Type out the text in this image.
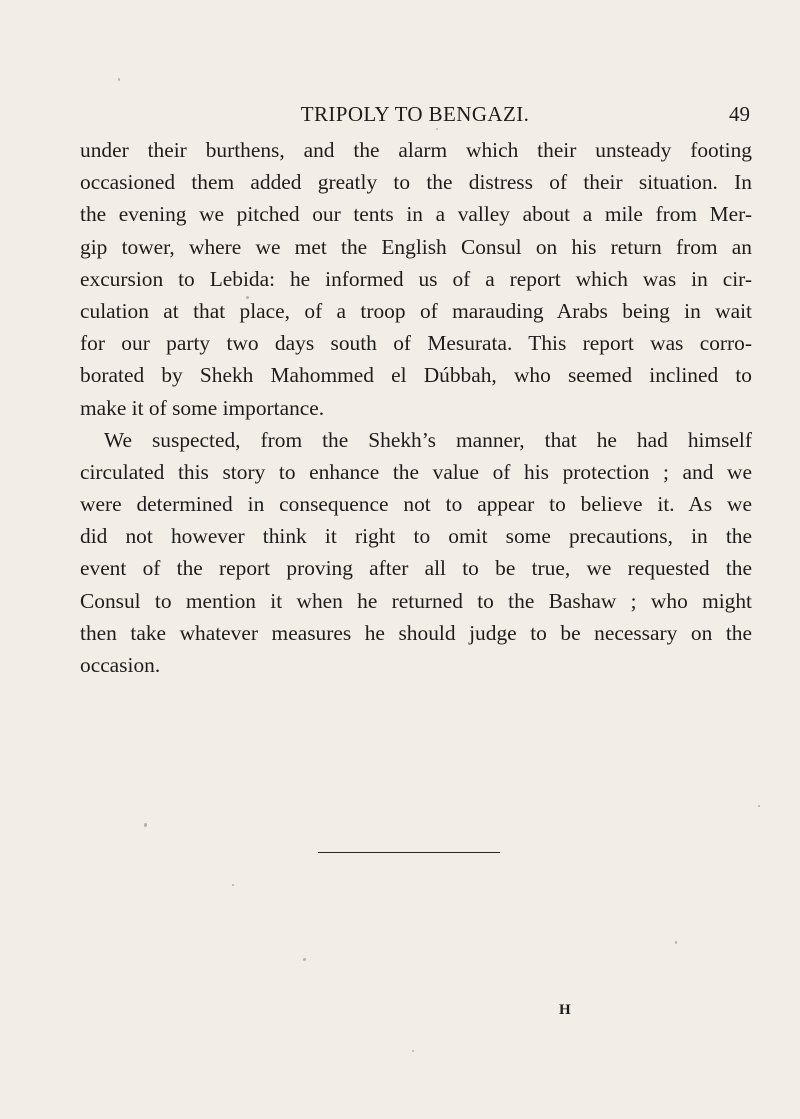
TRIPOLY TO BENGAZI.	49
under their burthens, and the alarm which their unsteady footing
occasioned them added greatly to the distress of their situation. In
the evening we pitched our tents in a valley about a mile from Mer-
gip tower, where we met the English Consul on his return from an
excursion to Lebida: he informed us of a report which was in cir-
culation at that place, of a troop of marauding Arabs being in wait
for our party two days south of Mesurata. This report was corro-
borated by Shekh Mahommed el Dúbbah, who seemed inclined to
make it of some importance.
We suspected, from the Shekh’s manner, that he had himself
circulated this story to enhance the value of his protection ; and we
were determined in consequence not to appear to believe it. As we
did not however think it right to omit some precautions, in the
event of the report proving after all to be true, we requested the
Consul to mention it when he returned to the Bashaw ; who might
then take whatever measures he should judge to be necessary on the
occasion.
H
